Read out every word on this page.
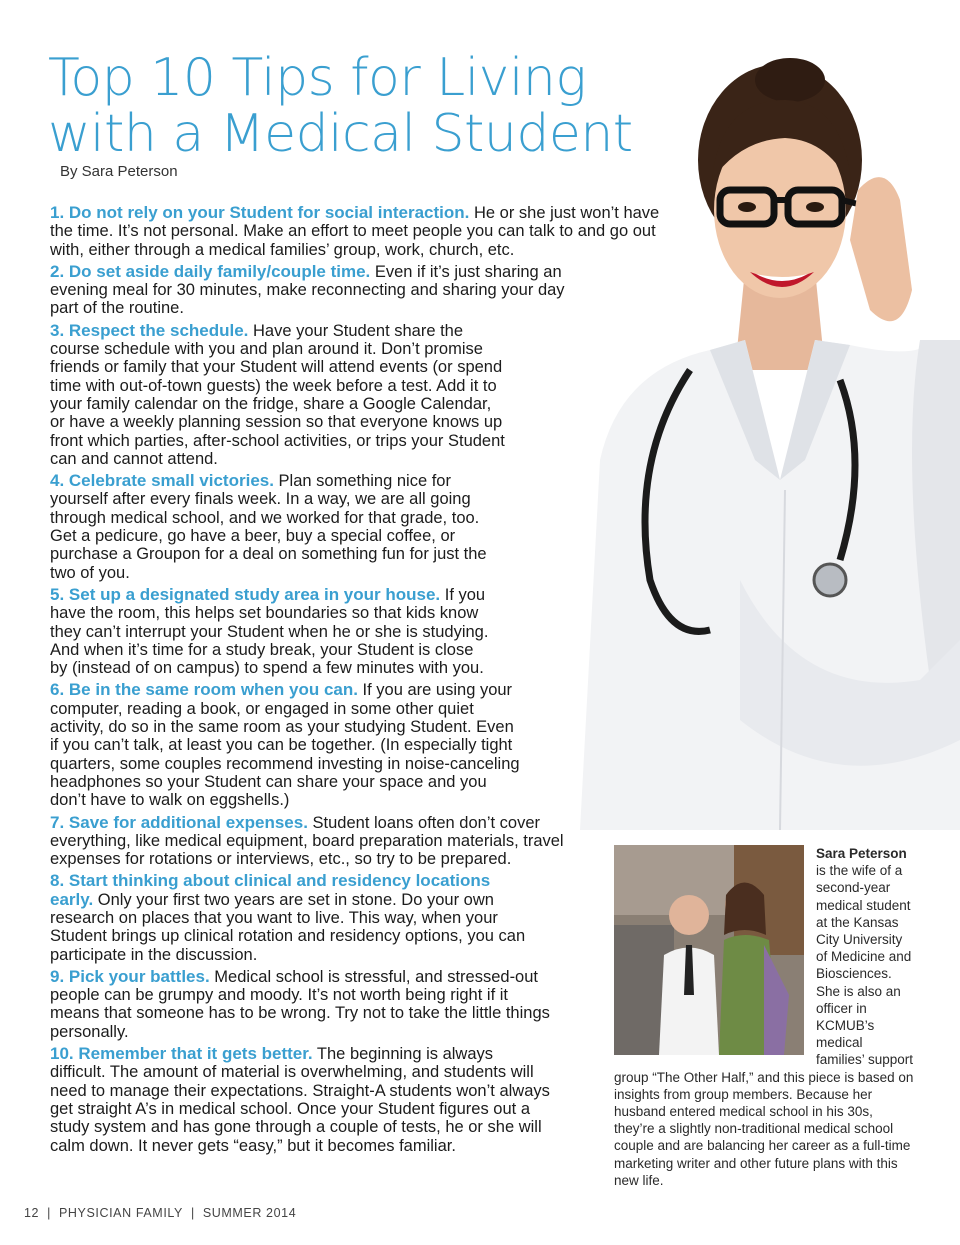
Top 10 Tips for Living
with a Medical Student
By Sara Peterson

1. Do not rely on your Student for social interaction. He or she just won’t have the time. It’s not personal. Make an effort to meet people you can talk to and go out with, either through a medical families’ group, work, church, etc.

2. Do set aside daily family/couple time. Even if it’s just sharing an evening meal for 30 minutes, make reconnecting and sharing your day part of the routine.

3. Respect the schedule. Have your Student share the course schedule with you and plan around it. Don’t promise friends or family that your Student will attend events (or spend time with out-of-town guests) the week before a test. Add it to your family calendar on the fridge, share a Google Calendar, or have a weekly planning session so that everyone knows up front which parties, after-school activities, or trips your Student can and cannot attend.

4. Celebrate small victories. Plan something nice for yourself after every finals week. In a way, we are all going through medical school, and we worked for that grade, too. Get a pedicure, go have a beer, buy a special coffee, or purchase a Groupon for a deal on something fun for just the two of you.

5. Set up a designated study area in your house. If you have the room, this helps set boundaries so that kids know they can’t interrupt your Student when he or she is studying. And when it’s time for a study break, your Student is close by (instead of on campus) to spend a few minutes with you.

6. Be in the same room when you can. If you are using your computer, reading a book, or engaged in some other quiet activity, do so in the same room as your studying Student. Even if you can’t talk, at least you can be together. (In especially tight quarters, some couples recommend investing in noise-canceling headphones so your Student can share your space and you don’t have to walk on eggshells.)

7. Save for additional expenses. Student loans often don’t cover everything, like medical equipment, board preparation materials, travel expenses for rotations or interviews, etc., so try to be prepared.

8. Start thinking about clinical and residency locations early. Only your first two years are set in stone. Do your own research on places that you want to live. This way, when your Student brings up clinical rotation and residency options, you can participate in the discussion.

9. Pick your battles. Medical school is stressful, and stressed-out people can be grumpy and moody. It’s not worth being right if it means that someone has to be wrong. Try not to take the little things personally.

10. Remember that it gets better. The beginning is always difficult. The amount of material is overwhelming, and students will need to manage their expectations. Straight-A students won’t always get straight A’s in medical school. Once your Student figures out a study system and has gone through a couple of tests, he or she will calm down. It never gets “easy,” but it becomes familiar.

Sara Peterson is the wife of a second-year medical student at the Kansas City University of Medicine and Biosciences. She is also an officer in KCMUB’s medical families’ support group “The Other Half,” and this piece is based on insights from group members. Because her husband entered medical school in his 30s, they’re a slightly non-traditional medical school couple and are balancing her career as a full-time marketing writer and other future plans with this new life.
12 | PHYSICIAN FAMILY | SUMMER 2014
